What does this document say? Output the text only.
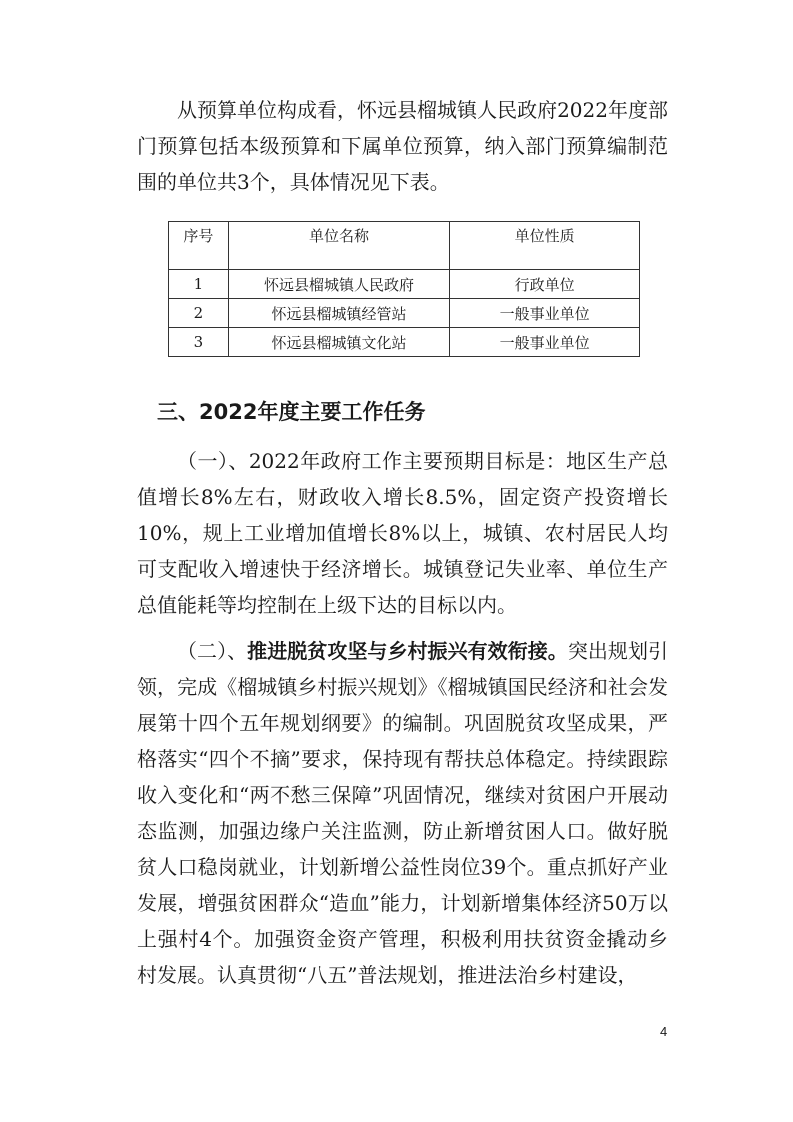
从预算单位构成看，怀远县榴城镇人民政府2022年度部门预算包括本级预算和下属单位预算，纳入部门预算编制范围的单位共3个，具体情况见下表。

序号	单位名称	单位性质
1	怀远县榴城镇人民政府	行政单位
2	怀远县榴城镇经管站	一般事业单位
3	怀远县榴城镇文化站	一般事业单位
三、2022年度主要工作任务

（一）、2022年政府工作主要预期目标是：地区生产总值增长8%左右，财政收入增长8.5%，固定资产投资增长10%，规上工业增加值增长8%以上，城镇、农村居民人均可支配收入增速快于经济增长。城镇登记失业率、单位生产总值能耗等均控制在上级下达的目标以内。

（二）、推进脱贫攻坚与乡村振兴有效衔接。突出规划引领，完成《榴城镇乡村振兴规划》《榴城镇国民经济和社会发展第十四个五年规划纲要》的编制。巩固脱贫攻坚成果，严格落实“四个不摘”要求，保持现有帮扶总体稳定。持续跟踪收入变化和“两不愁三保障”巩固情况，继续对贫困户开展动态监测，加强边缘户关注监测，防止新增贫困人口。做好脱贫人口稳岗就业，计划新增公益性岗位39个。重点抓好产业发展，增强贫困群众“造血”能力，计划新增集体经济50万以上强村4个。加强资金资产管理，积极利用扶贫资金撬动乡村发展。认真贯彻“八五”普法规划，推进法治乡村建设，

4
